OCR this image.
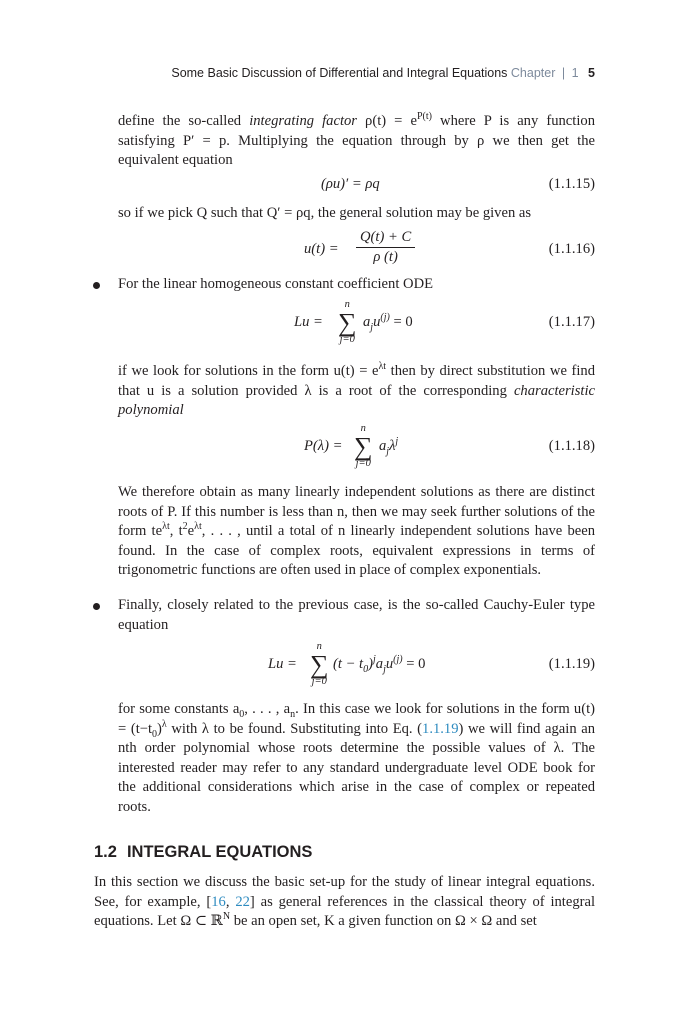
Some Basic Discussion of Differential and Integral Equations Chapter | 1 5
define the so-called integrating factor $\rho(t) = e^{P(t)}$ where P is any function satisfying P′ = p. Multiplying the equation through by ρ we then get the equivalent equation
(ρu)′ = ρq	(1.1.15)
so if we pick Q such that Q′ = ρq, the general solution may be given as
$u(t) = \frac{Q(t) + C}{\rho (t)}$	(1.1.16)
For the linear homogeneous constant coefficient ODE
Lu =
n
∑
j=0
$a_ju^{(j)} = 0$	(1.1.17)
if we look for solutions in the form $u(t) = e^{\lambda t}$ then by direct substitution we find that u is a solution provided λ is a root of the corresponding characteristic polynomial
P(λ) =
n
∑
j=0
$a_j\lambda^j$	(1.1.18)
We therefore obtain as many linearly independent solutions as there are distinct roots of P. If this number is less than n, then we may seek further solutions of the form $te^{\lambda t}$, $t^2e^{\lambda t}$, . . . , until a total of n linearly independent solutions have been found. In the case of complex roots, equivalent expressions in terms of trigonometric functions are often used in place of complex exponentials.
Finally, closely related to the previous case, is the so-called Cauchy-Euler type equation
Lu =
n
∑
j=0
$(t - t_0)^ja_ju^{(j)} = 0$	(1.1.19)
for some constants $a_0$, . . . , $a_n$. In this case we look for solutions in the form $u(t) = (t-t_0)^\lambda$ with λ to be found. Substituting into Eq. (1.1.19) we will find again an nth order polynomial whose roots determine the possible values of λ. The interested reader may refer to any standard undergraduate level ODE book for the additional considerations which arise in the case of complex or repeated roots.
1.2 INTEGRAL EQUATIONS
In this section we discuss the basic set-up for the study of linear integral equations. See, for example, [16, 22] as general references in the classical theory of integral equations. Let Ω ⊂ ℝ$^N$ be an open set, K a given function on Ω × Ω and set
